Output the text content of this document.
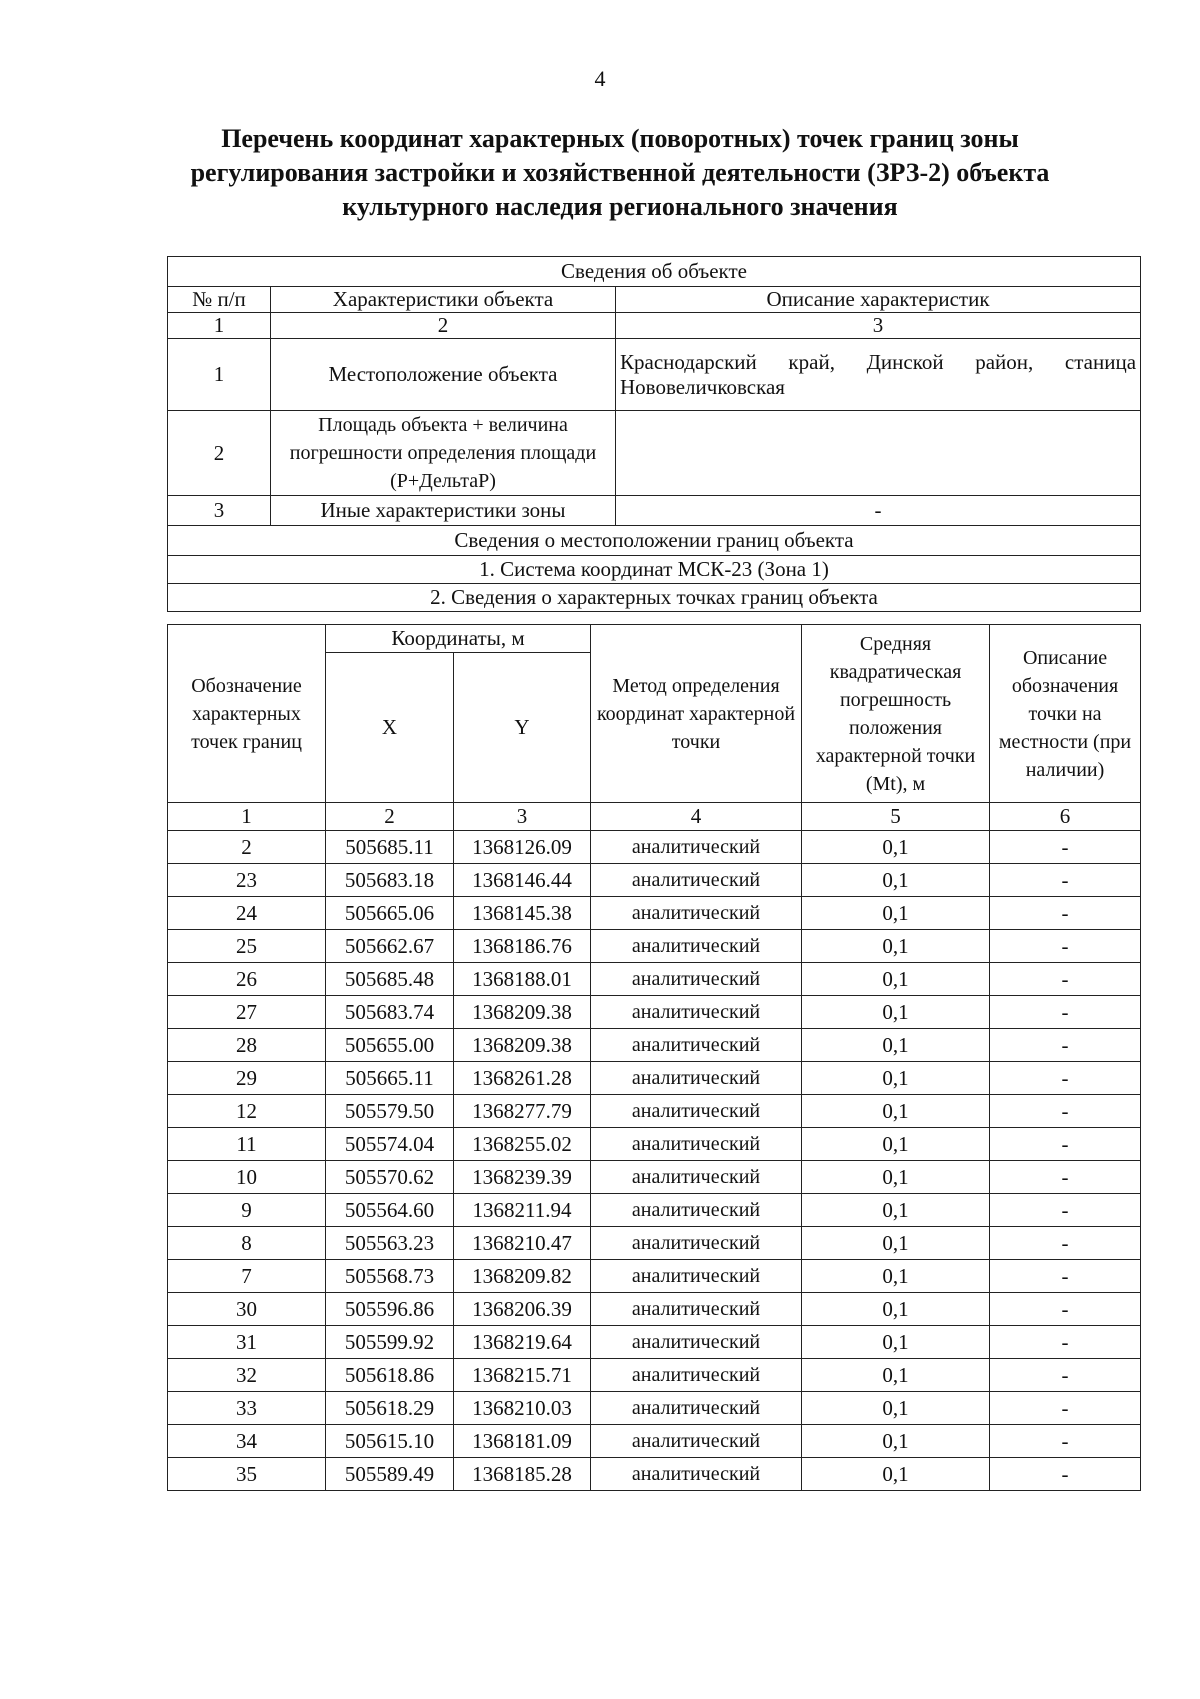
4
Перечень координат характерных (поворотных) точек границ зоны регулирования застройки и хозяйственной деятельности (ЗРЗ-2) объекта культурного наследия регионального значения
Сведения об объекте		
№ п/п	Характеристики объекта	Описание характеристик
1	2	3
1	Местоположение объекта	Краснодарский край, Динской район, станица Нововеличковская
2	Площадь объекта + величина погрешности определения площади (Р+ДельтаР)	
3	Иные характеристики зоны	-
Сведения о местоположении границ объекта		
1. Система координат МСК-23 (Зона 1)		
2. Сведения о характерных точках границ объекта		
Обозначение характерных точек границ	Координаты, м		Метод определения координат характерной точки	Средняя квадратическая погрешность положения характерной точки (Mt), м	Описание обозначения точки на местности (при наличии)
	X	Y			
1	2	3	4	5	6
2	505685.11	1368126.09	аналитический	0,1	-
23	505683.18	1368146.44	аналитический	0,1	-
24	505665.06	1368145.38	аналитический	0,1	-
25	505662.67	1368186.76	аналитический	0,1	-
26	505685.48	1368188.01	аналитический	0,1	-
27	505683.74	1368209.38	аналитический	0,1	-
28	505655.00	1368209.38	аналитический	0,1	-
29	505665.11	1368261.28	аналитический	0,1	-
12	505579.50	1368277.79	аналитический	0,1	-
11	505574.04	1368255.02	аналитический	0,1	-
10	505570.62	1368239.39	аналитический	0,1	-
9	505564.60	1368211.94	аналитический	0,1	-
8	505563.23	1368210.47	аналитический	0,1	-
7	505568.73	1368209.82	аналитический	0,1	-
30	505596.86	1368206.39	аналитический	0,1	-
31	505599.92	1368219.64	аналитический	0,1	-
32	505618.86	1368215.71	аналитический	0,1	-
33	505618.29	1368210.03	аналитический	0,1	-
34	505615.10	1368181.09	аналитический	0,1	-
35	505589.49	1368185.28	аналитический	0,1	-
